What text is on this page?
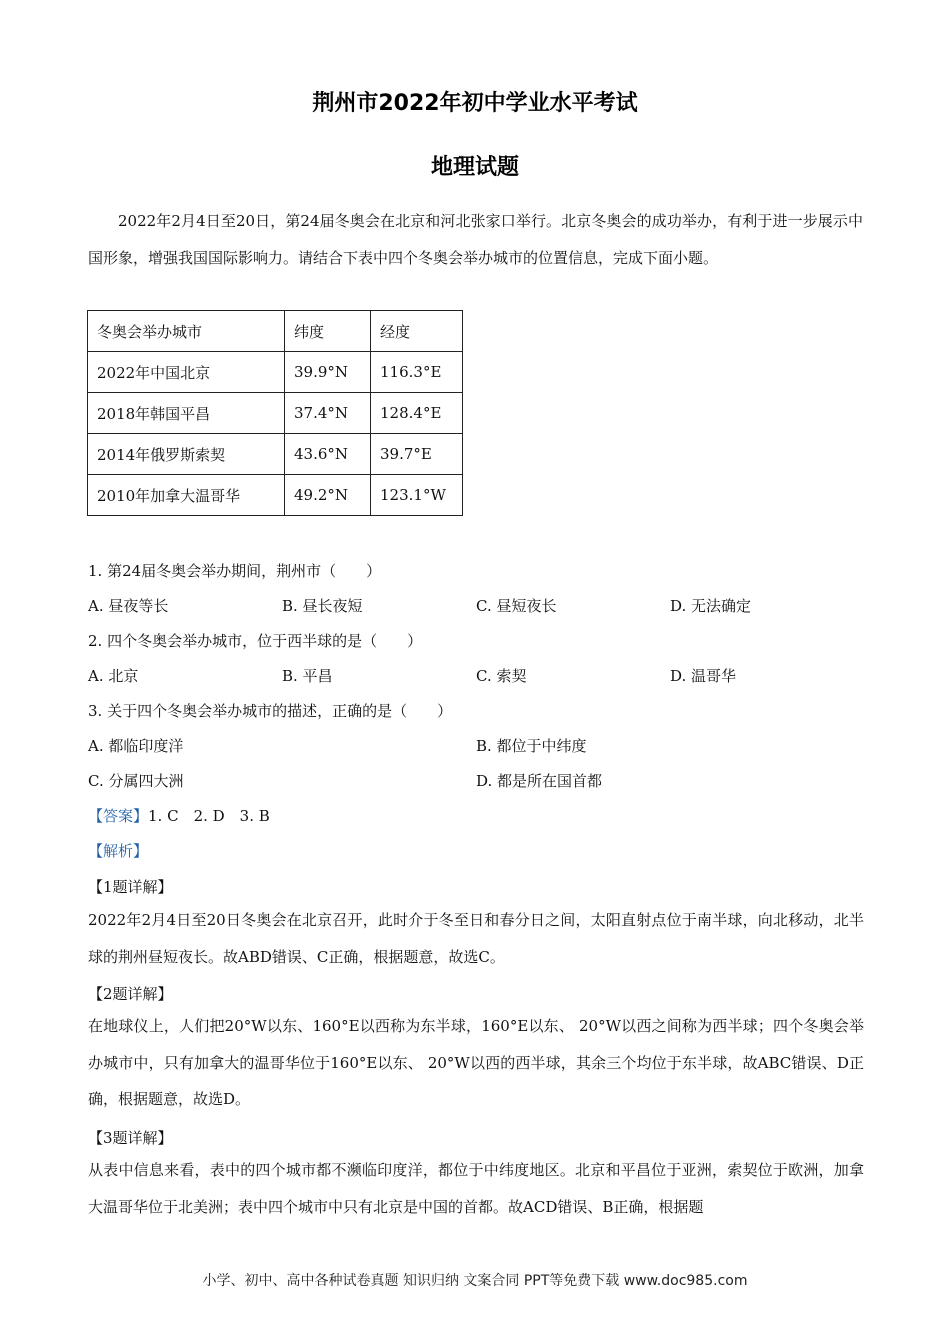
荆州市2022年初中学业水平考试
地理试题
2022年2月4日至20日，第24届冬奥会在北京和河北张家口举行。北京冬奥会的成功举办，有利于进一步展示中国形象，增强我国国际影响力。请结合下表中四个冬奥会举办城市的位置信息，完成下面小题。
冬奥会举办城市	纬度	经度
2022年中国北京	39.9°N	116.3°E
2018年韩国平昌	37.4°N	128.4°E
2014年俄罗斯索契	43.6°N	39.7°E
2010年加拿大温哥华	49.2°N	123.1°W
1. 第24届冬奥会举办期间，荆州市（　　）
A. 昼夜等长	B. 昼长夜短	C. 昼短夜长	D. 无法确定
2. 四个冬奥会举办城市，位于西半球的是（　　）
A. 北京	B. 平昌	C. 索契	D. 温哥华
3. 关于四个冬奥会举办城市的描述，正确的是（　　）
A. 都临印度洋	B. 都位于中纬度
C. 分属四大洲	D. 都是所在国首都
【答案】1. C　2. D　3. B
【解析】
【1题详解】
2022年2月4日至20日冬奥会在北京召开，此时介于冬至日和春分日之间，太阳直射点位于南半球，向北移动，北半球的荆州昼短夜长。故ABD错误、C正确，根据题意，故选C。
【2题详解】
在地球仪上，人们把20°W以东、160°E以西称为东半球，160°E以东、 20°W以西之间称为西半球；四个冬奥会举办城市中，只有加拿大的温哥华位于160°E以东、 20°W以西的西半球，其余三个均位于东半球，故ABC错误、D正确，根据题意，故选D。
【3题详解】
从表中信息来看，表中的四个城市都不濒临印度洋，都位于中纬度地区。北京和平昌位于亚洲，索契位于欧洲，加拿大温哥华位于北美洲；表中四个城市中只有北京是中国的首都。故ACD错误、B正确，根据题
小学、初中、高中各种试卷真题 知识归纳 文案合同 PPT等免费下载 www.doc985.com
